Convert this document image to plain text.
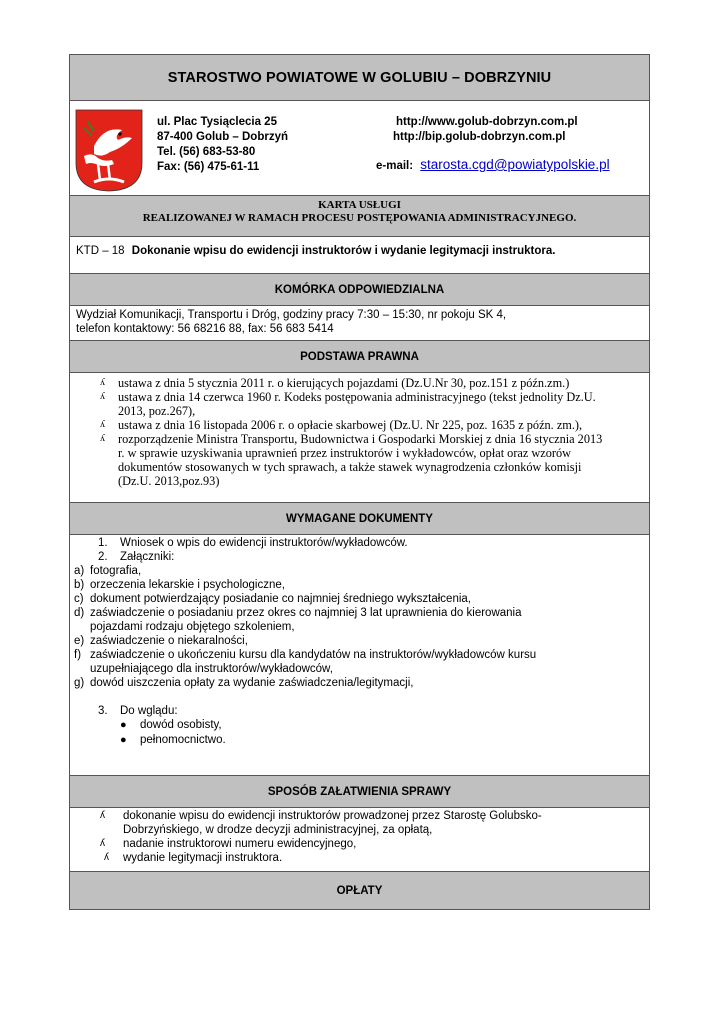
STAROSTWO POWIATOWE W GOLUBIU – DOBRZYNIU
ul. Plac Tysiąclecia 25
87-400 Golub – Dobrzyń
Tel. (56) 683-53-80
Fax: (56) 475-61-11
http://www.golub-dobrzyn.com.pl
http://bip.golub-dobrzyn.com.pl
e-mail: starosta.cgd@powiatypolskie.pl
KARTA USŁUGI
REALIZOWANEJ W RAMACH PROCESU POSTĘPOWANIA ADMINISTRACYJNEGO.
KTD – 18 Dokonanie wpisu do ewidencji instruktorów i wydanie legitymacji instruktora.
KOMÓRKA ODPOWIEDZIALNA
Wydział Komunikacji, Transportu i Dróg, godziny pracy 7:30 – 15:30, nr pokoju SK 4,
telefon kontaktowy: 56 68216 88, fax: 56 683 5414
PODSTAWA PRAWNA
ʎ ustawa z dnia 5 stycznia 2011 r. o kierujących pojazdami (Dz.U.Nr 30, poz.151 z późn.zm.)
ʎ ustawa z dnia 14 czerwca 1960 r. Kodeks postępowania administracyjnego (tekst jednolity Dz.U.
2013, poz.267),
ʎ ustawa z dnia 16 listopada 2006 r. o opłacie skarbowej (Dz.U. Nr 225, poz. 1635 z późn. zm.),
ʎ rozporządzenie Ministra Transportu, Budownictwa i Gospodarki Morskiej z dnia 16 stycznia 2013
r. w sprawie uzyskiwania uprawnień przez instruktorów i wykładowców, opłat oraz wzorów
dokumentów stosowanych w tych sprawach, a także stawek wynagrodzenia członków komisji
(Dz.U. 2013,poz.93)
WYMAGANE DOKUMENTY
1. Wniosek o wpis do ewidencji instruktorów/wykładowców.
2. Załączniki:
a) fotografia,
b) orzeczenia lekarskie i psychologiczne,
c) dokument potwierdzający posiadanie co najmniej średniego wykształcenia,
d) zaświadczenie o posiadaniu przez okres co najmniej 3 lat uprawnienia do kierowania
pojazdami rodzaju objętego szkoleniem,
e) zaświadczenie o niekaralności,
f) zaświadczenie o ukończeniu kursu dla kandydatów na instruktorów/wykładowców kursu
uzupełniającego dla instruktorów/wykładowców,
g) dowód uiszczenia opłaty za wydanie zaświadczenia/legitymacji,
3. Do wglądu:
● dowód osobisty,
● pełnomocnictwo.
SPOSÓB ZAŁATWIENIA SPRAWY
ʎ dokonanie wpisu do ewidencji instruktorów prowadzonej przez Starostę Golubsko-
Dobrzyńskiego, w drodze decyzji administracyjnej, za opłatą,
ʎ nadanie instruktorowi numeru ewidencyjnego,
ʎ wydanie legitymacji instruktora.
OPŁATY
